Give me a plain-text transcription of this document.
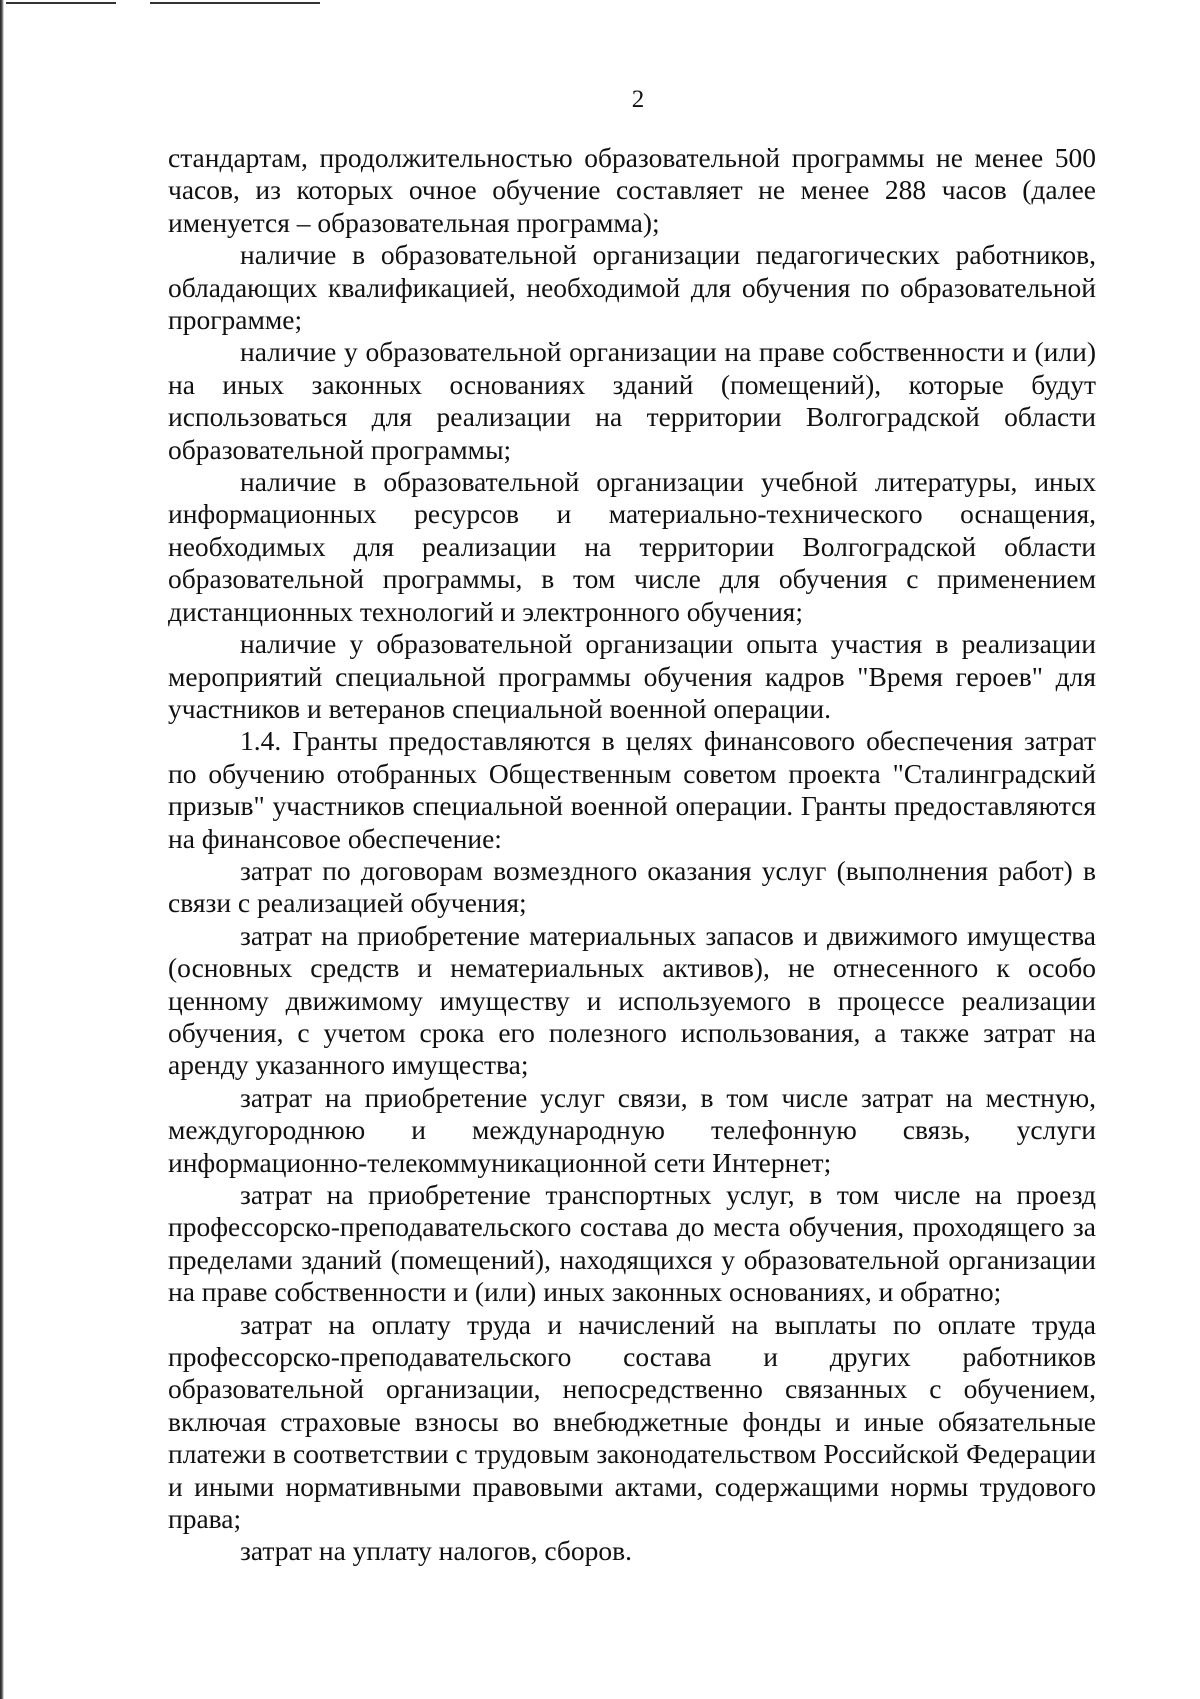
2

стандартам, продолжительностью образовательной программы не менее 500 часов, из которых очное обучение составляет не менее 288 часов (далее именуется – образовательная программа);

наличие в образовательной организации педагогических работников, обладающих квалификацией, необходимой для обучения по образовательной программе;

наличие у образовательной организации на праве собственности и (или) на иных законных основаниях зданий (помещений), которые будут использоваться для реализации на территории Волгоградской области образовательной программы;

наличие в образовательной организации учебной литературы, иных информационных ресурсов и материально-технического оснащения, необходимых для реализации на территории Волгоградской области образовательной программы, в том числе для обучения с применением дистанционных технологий и электронного обучения;

наличие у образовательной организации опыта участия в реализации мероприятий специальной программы обучения кадров "Время героев" для участников и ветеранов специальной военной операции.

1.4. Гранты предоставляются в целях финансового обеспечения затрат по обучению отобранных Общественным советом проекта "Сталинградский призыв" участников специальной военной операции. Гранты предоставляются на финансовое обеспечение:

затрат по договорам возмездного оказания услуг (выполнения работ) в связи с реализацией обучения;

затрат на приобретение материальных запасов и движимого имущества (основных средств и нематериальных активов), не отнесенного к особо ценному движимому имуществу и используемого в процессе реализации обучения, с учетом срока его полезного использования, а также затрат на аренду указанного имущества;

затрат на приобретение услуг связи, в том числе затрат на местную, междугороднюю и международную телефонную связь, услуги информационно-телекоммуникационной сети Интернет;

затрат на приобретение транспортных услуг, в том числе на проезд профессорско-преподавательского состава до места обучения, проходящего за пределами зданий (помещений), находящихся у образовательной организации на праве собственности и (или) иных законных основаниях, и обратно;

затрат на оплату труда и начислений на выплаты по оплате труда профессорско-преподавательского состава и других работников образовательной организации, непосредственно связанных с обучением, включая страховые взносы во внебюджетные фонды и иные обязательные платежи в соответствии с трудовым законодательством Российской Федерации и иными нормативными правовыми актами, содержащими нормы трудового права;

затрат на уплату налогов, сборов.
